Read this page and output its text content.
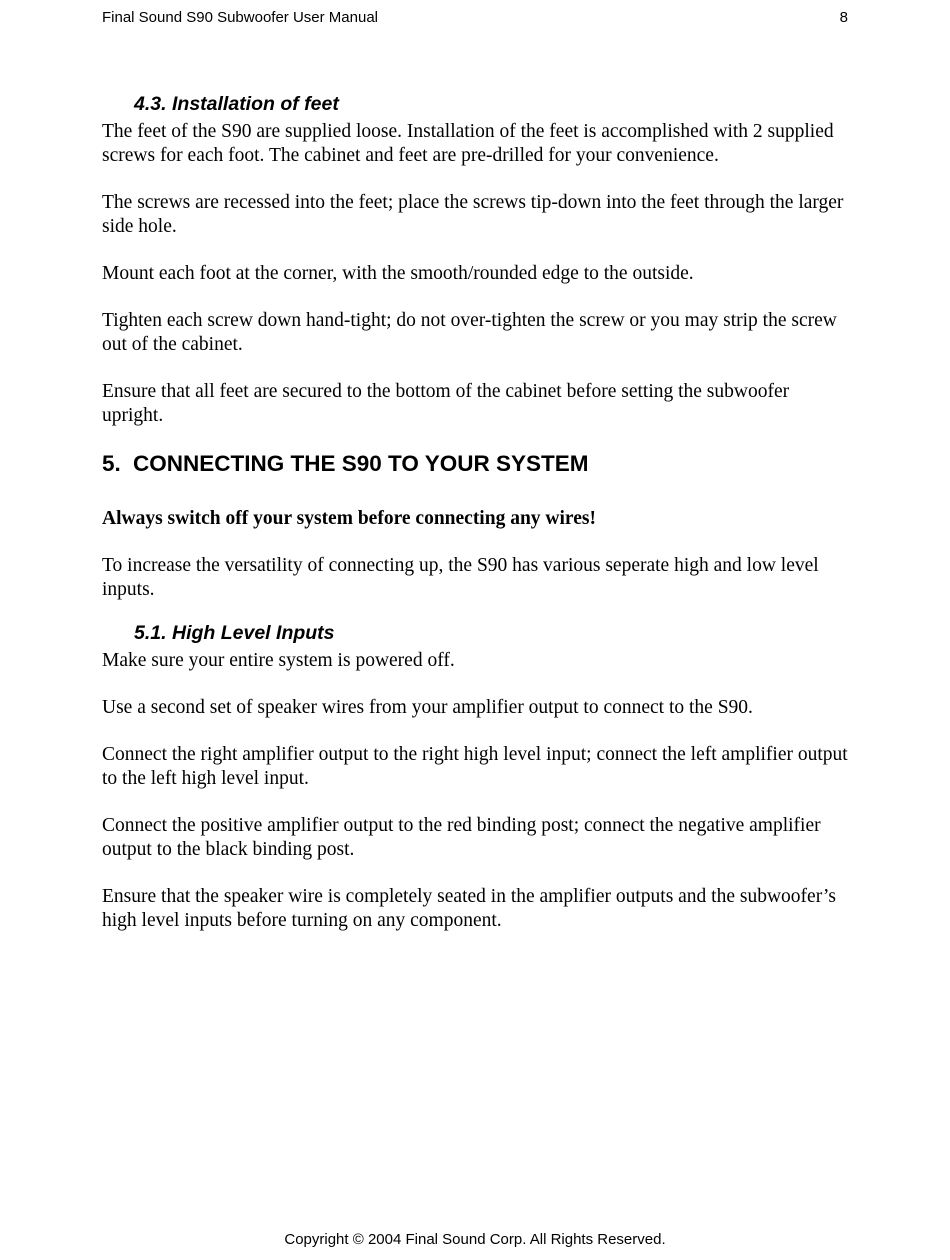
Final Sound S90 Subwoofer User Manual	8
4.3. Installation of feet

The feet of the S90 are supplied loose. Installation of the feet is accomplished with 2 supplied screws for each foot. The cabinet and feet are pre-drilled for your convenience.

The screws are recessed into the feet; place the screws tip-down into the feet through the larger side hole.

Mount each foot at the corner, with the smooth/rounded edge to the outside.

Tighten each screw down hand-tight; do not over-tighten the screw or you may strip the screw out of the cabinet.

Ensure that all feet are secured to the bottom of the cabinet before setting the subwoofer upright.

5. CONNECTING THE S90 TO YOUR SYSTEM

Always switch off your system before connecting any wires!

To increase the versatility of connecting up, the S90 has various seperate high and low level inputs.

5.1. High Level Inputs

Make sure your entire system is powered off.

Use a second set of speaker wires from your amplifier output to connect to the S90.

Connect the right amplifier output to the right high level input; connect the left amplifier output to the left high level input.

Connect the positive amplifier output to the red binding post; connect the negative amplifier output to the black binding post.

Ensure that the speaker wire is completely seated in the amplifier outputs and the subwoofer’s high level inputs before turning on any component.

Copyright © 2004 Final Sound Corp. All Rights Reserved.
